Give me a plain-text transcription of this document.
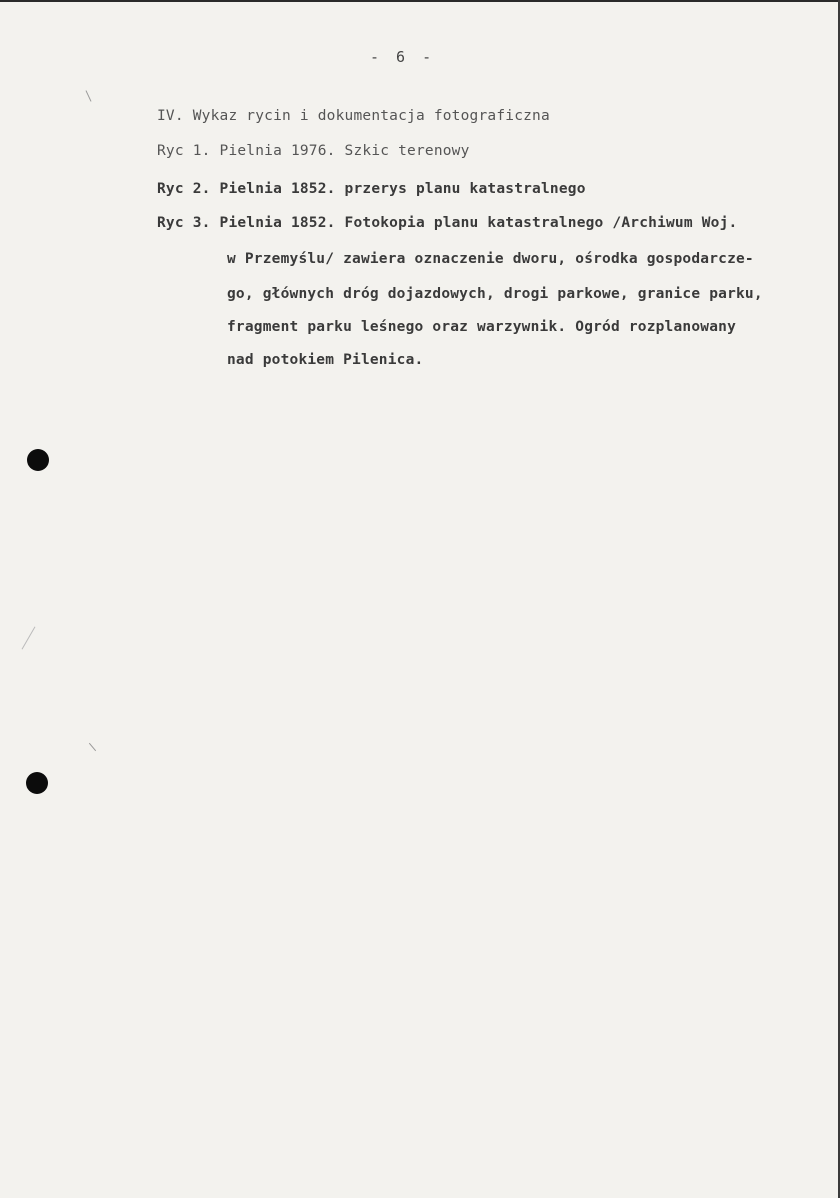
- 6 -
IV. Wykaz rycin i dokumentacja fotograficzna
Ryc 1. Pielnia 1976. Szkic terenowy
Ryc 2. Pielnia 1852. przerys planu katastralnego
Ryc 3. Pielnia 1852. Fotokopia planu katastralnego /Archiwum Woj.
w Przemyślu/ zawiera oznaczenie dworu, ośrodka gospodarcze-
go, głównych dróg dojazdowych, drogi parkowe, granice parku,
fragment parku leśnego oraz warzywnik. Ogród rozplanowany
nad potokiem Pilenica.
